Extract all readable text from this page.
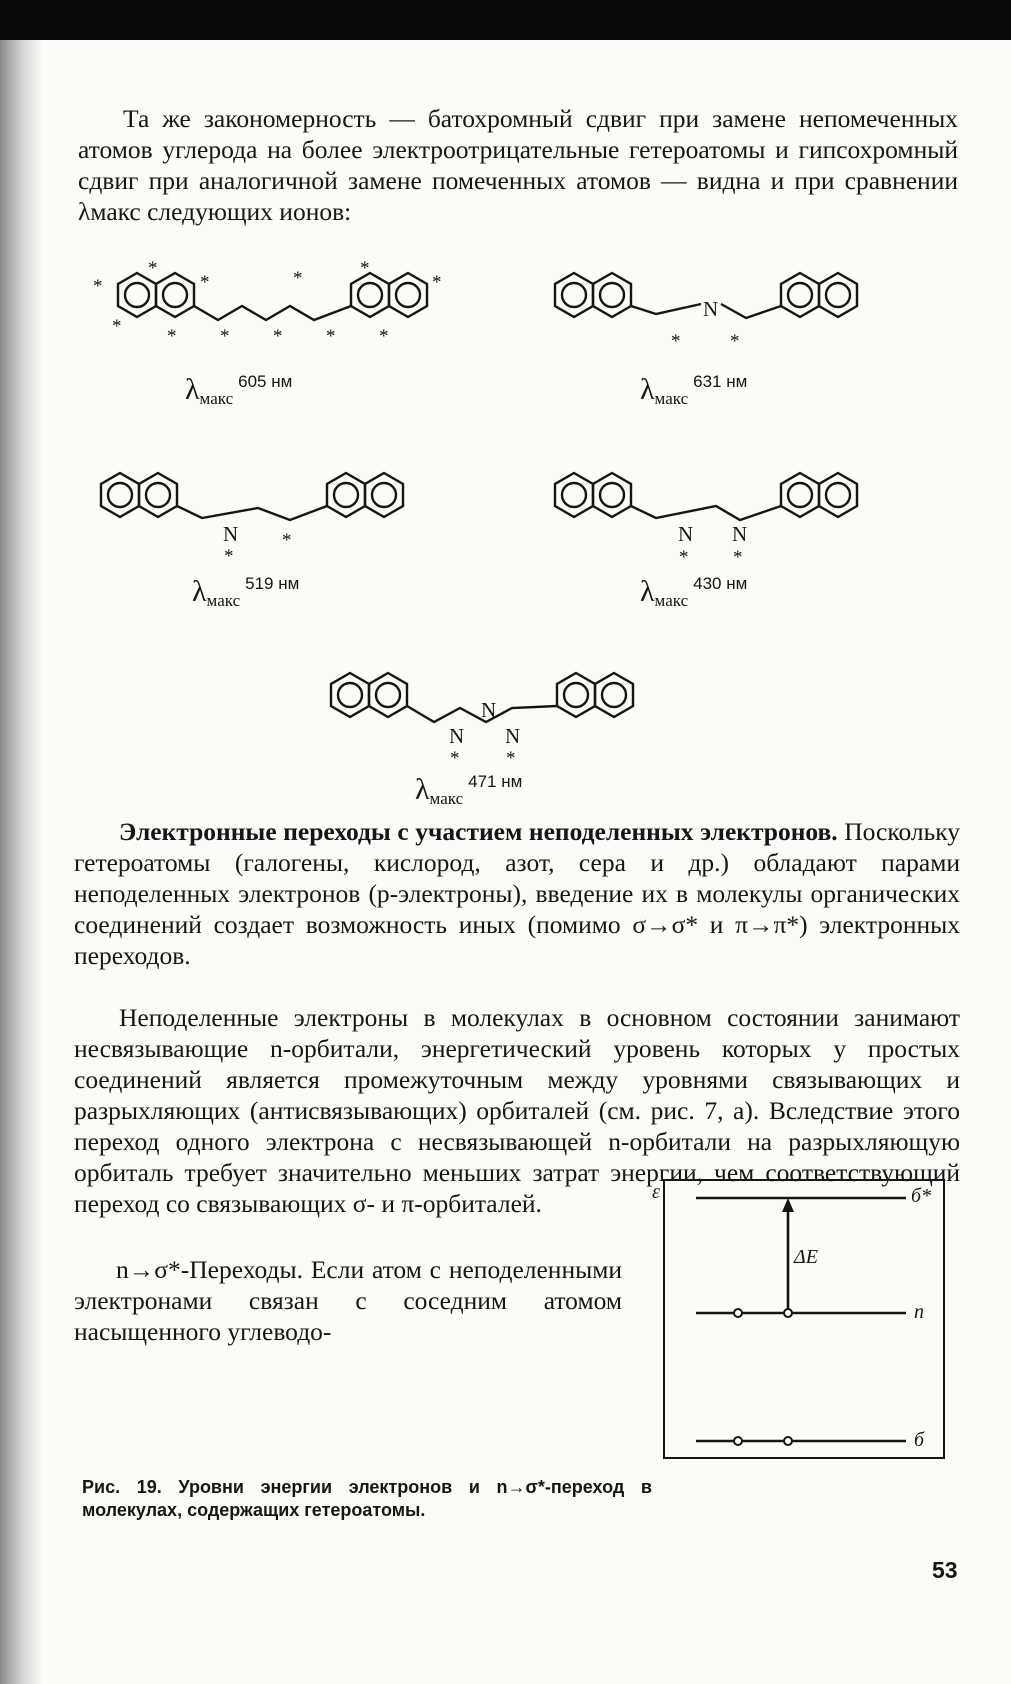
Та же закономерность — батохромный сдвиг при замене непомеченных атомов углерода на более электроотрицательные гетероатомы и гипсохромный сдвиг при аналогичной замене помеченных атомов — видна и при сравнении λмакс следующих ионов:

*
*
*
* * * * * *
*	*
*
$\lambda_{макс}$ $^{605 нм}$
N
*	*
$\lambda_{макс}$ $^{631 нм}$
N
*
*
$\lambda_{макс}$ $^{519 нм}$
N N
* *
$\lambda_{макс}$ $^{430 нм}$
N
N N
* *
$\lambda_{макс}$ $^{471 нм}$

Электронные переходы с участием неподеленных электронов. Поскольку гетероатомы (галогены, кислород, азот, сера и др.) обладают парами неподеленных электронов (p-электроны), введение их в молекулы органических соединений создает возможность иных (помимо σ→σ* и π→π*) электронных переходов.

Неподеленные электроны в молекулах в основном состоянии занимают несвязывающие n-орбитали, энергетический уровень которых у простых соединений является промежуточным между уровнями связывающих и разрыхляющих (антисвязывающих) орбиталей (см. рис. 7, а). Вследствие этого переход одного электрона с несвязывающей n-орбитали на разрыхляющую орбиталь требует значительно меньших затрат энергии, чем соответствующий переход со связывающих σ- и π-орбиталей.

n→σ*-Переходы. Если атом с неподеленными электронами связан с соседним атомом насыщенного углеводо-

ε	б*
n
б
ΔE

Рис. 19. Уровни энергии электронов и n→σ*-переход в молекулах, содержащих гетероатомы.

53
